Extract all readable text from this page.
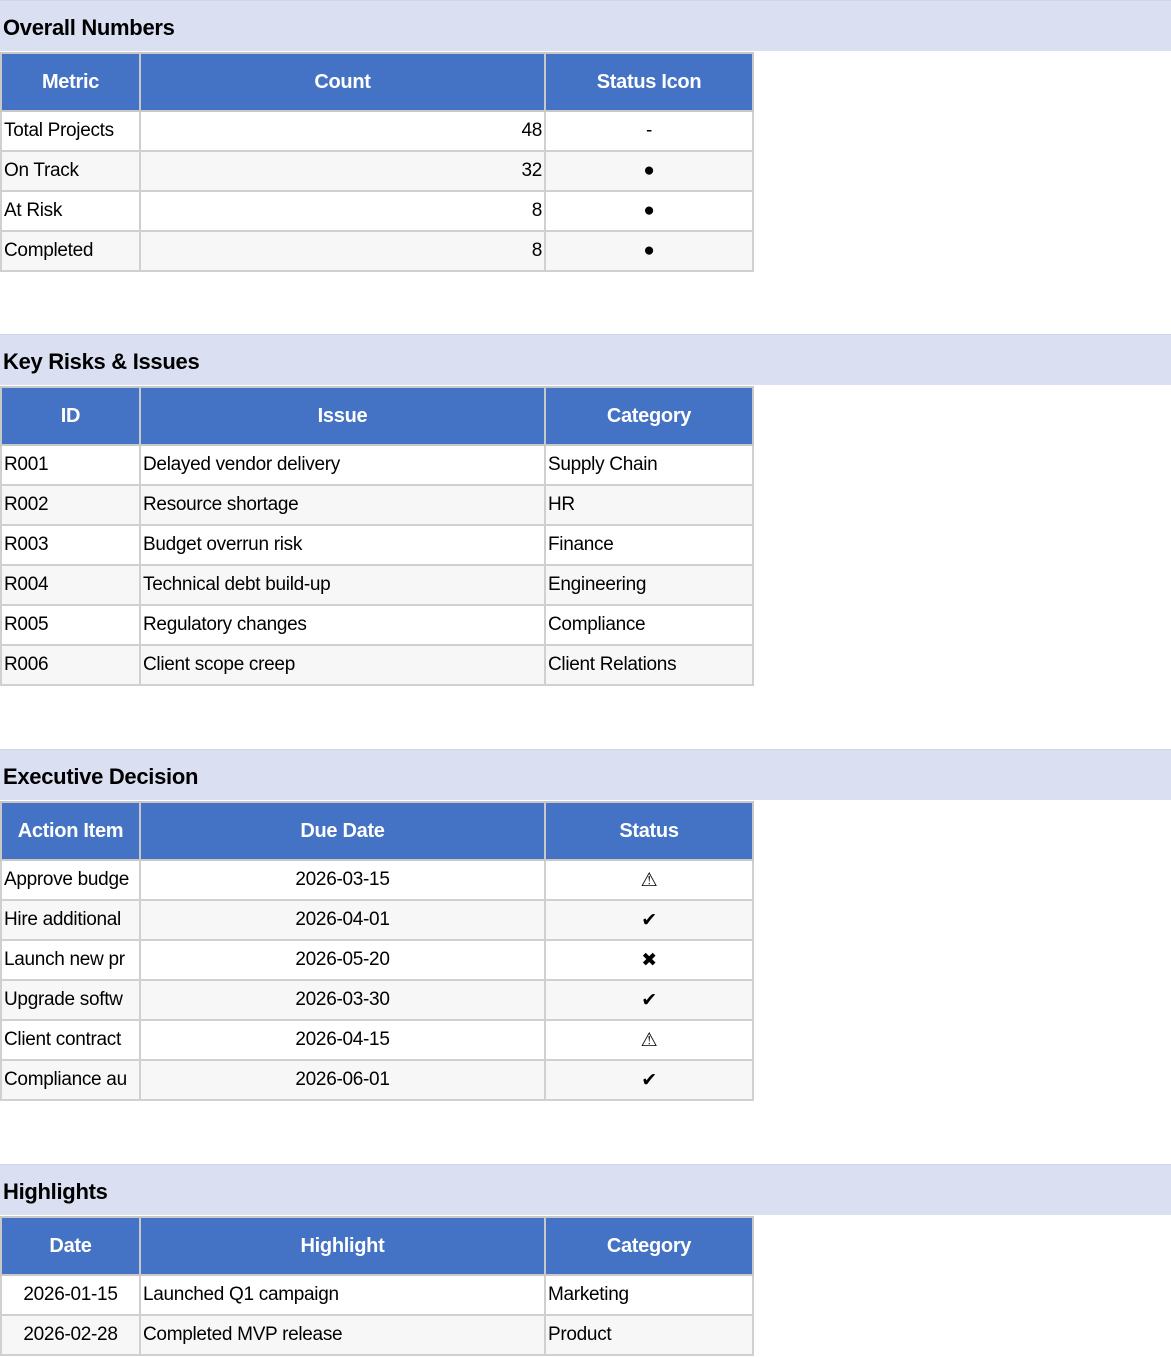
Overall Numbers
Metric	Count	Status Icon
Total Projects	48	-
On Track	32	●
At Risk	8	●
Completed	8	●
Key Risks & Issues
ID	Issue	Category
R001	Delayed vendor delivery	Supply Chain
R002	Resource shortage	HR
R003	Budget overrun risk	Finance
R004	Technical debt build-up	Engineering
R005	Regulatory changes	Compliance
R006	Client scope creep	Client Relations
Executive Decision
Action Item	Due Date	Status
Approve budge	2026-03-15	⚠
Hire additional	2026-04-01	✔
Launch new pr	2026-05-20	✖
Upgrade softw	2026-03-30	✔
Client contract	2026-04-15	⚠
Compliance au	2026-06-01	✔
Highlights
Date	Highlight	Category
2026-01-15	Launched Q1 campaign	Marketing
2026-02-28	Completed MVP release	Product
